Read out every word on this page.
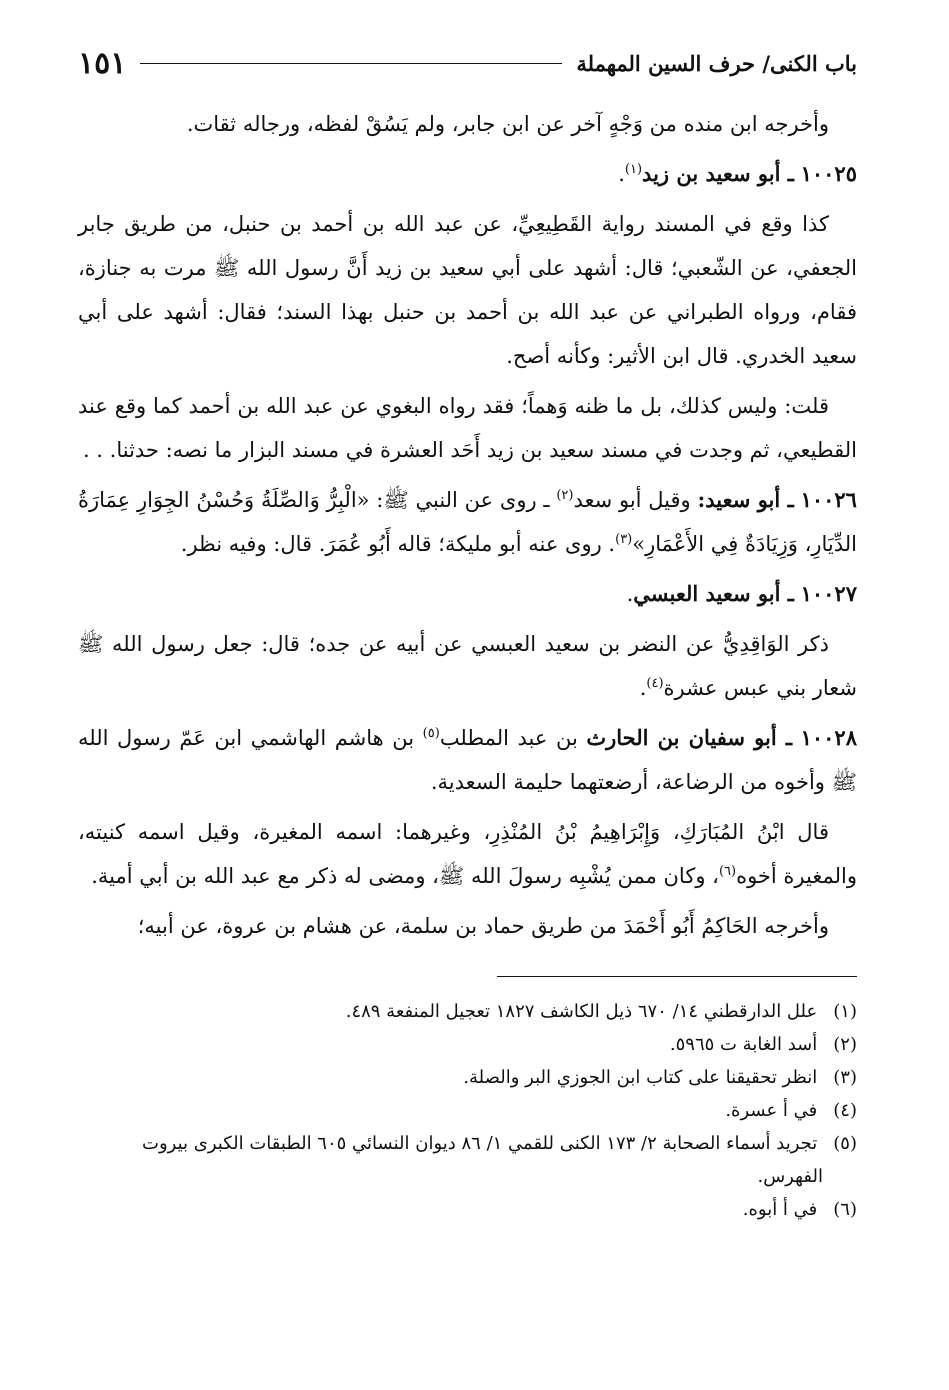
باب الكنى/ حرف السين المهملة
١٥١

وأخرجه ابن منده من وَجْهٍ آخر عن ابن جابر، ولم يَسُقْ لفظه، ورجاله ثقات.

١٠٠٢٥ ـ أبو سعيد بن زيد$^{(١)}$.

كذا وقع في المسند رواية القَطِيعِيِّ، عن عبد الله بن أحمد بن حنبل، من طريق جابر الجعفي، عن الشّعبي؛ قال: أشهد على أبي سعيد بن زيد أَنَّ رسول الله ﷺ مرت به جنازة، فقام، ورواه الطبراني عن عبد الله بن أحمد بن حنبل بهذا السند؛ فقال: أشهد على أبي سعيد الخدري. قال ابن الأثير: وكأنه أصح.

قلت: وليس كذلك، بل ما ظنه وَهماً؛ فقد رواه البغوي عن عبد الله بن أحمد كما وقع عند القطيعي، ثم وجدت في مسند سعيد بن زيد أَحَد العشرة في مسند البزار ما نصه: حدثنا. . .

١٠٠٢٦ ـ أبو سعيد: وقيل أبو سعد$^{(٢)}$ ـ روى عن النبي ﷺ: «الْبِرُّ وَالصِّلَةُ وَحُسْنُ الجِوَارِ عِمَارَةُ الدِّيَارِ، وَزِيَادَةٌ فِي الأَعْمَارِ»$^{(٣)}$. روى عنه أبو مليكة؛ قاله أَبُو عُمَرَ. قال: وفيه نظر.

١٠٠٢٧ ـ أبو سعيد العبسي.

ذكر الوَاقِدِيُّ عن النضر بن سعيد العبسي عن أبيه عن جده؛ قال: جعل رسول الله ﷺ شعار بني عبس عشرة$^{(٤)}$.

١٠٠٢٨ ـ أبو سفيان بن الحارث بن عبد المطلب$^{(٥)}$ بن هاشم الهاشمي ابن عَمّ رسول الله ﷺ وأخوه من الرضاعة، أرضعتهما حليمة السعدية.

قال ابْنُ المُبَارَكِ، وَإِبْرَاهِيمُ بْنُ المُنْذِرِ، وغيرهما: اسمه المغيرة، وقيل اسمه كنيته، والمغيرة أخوه$^{(٦)}$، وكان ممن يُشْبِه رسولَ الله ﷺ، ومضى له ذكر مع عبد الله بن أبي أمية.

وأخرجه الحَاكِمُ أَبُو أَحْمَدَ من طريق حماد بن سلمة، عن هشام بن عروة، عن أبيه؛

(١) علل الدارقطني ١٤/ ٦٧٠ ذيل الكاشف ١٨٢٧ تعجيل المنفعة ٤٨٩.

(٢) أسد الغابة ت ٥٩٦٥.

(٣) انظر تحقيقنا على كتاب ابن الجوزي البر والصلة.

(٤) في أ عسرة.

(٥) تجريد أسماء الصحابة ٢/ ١٧٣ الكنى للقمي ١/ ٨٦ ديوان النسائي ٦٠٥ الطبقات الكبرى بيروت
الفهرس.

(٦) في أ أبوه.
